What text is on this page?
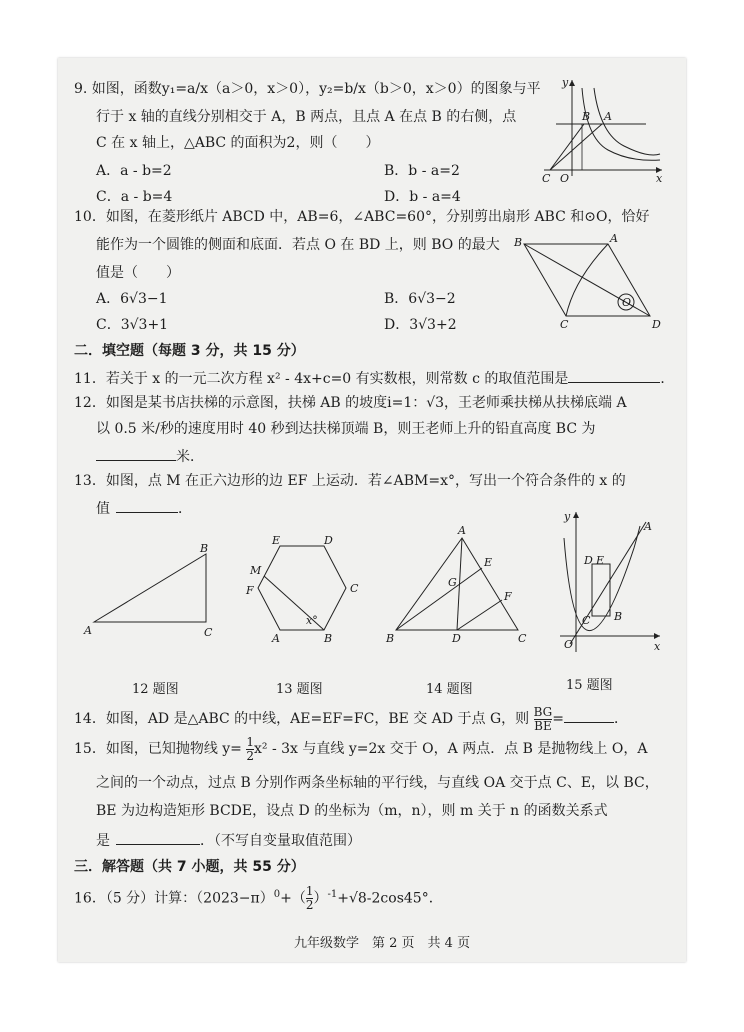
9. 如图，函数y₁=a/x（a＞0，x＞0），y₂=b/x（b＞0，x＞0）的图象与平
行于 x 轴的直线分别相交于 A，B 两点，且点 A 在点 B 的右侧，点
C 在 x 轴上，△ABC 的面积为2，则（　　）
A．a - b=2	B．b - a=2
C．a - b=4	D．b - a=4
y
x
B A
C O
10．如图，在菱形纸片 ABCD 中，AB=6，∠ABC=60°，分别剪出扇形 ABC 和⊙O，恰好
能作为一个圆锥的侧面和底面．若点 O 在 BD 上，则 BO 的最大
值是（　　）
A．6√3−1	B．6√3−2
C．3√3+1	D．3√3+2
B	A
C	D
O
二．填空题（每题 3 分，共 15 分）
11．若关于 x 的一元二次方程 x² - 4x+c=0 有实数根，则常数 c 的取值范围是	．
12．如图是某书店扶梯的示意图，扶梯 AB 的坡度i=1：√3，王老师乘扶梯从扶梯底端 A
以 0.5 米/秒的速度用时 40 秒到达扶梯顶端 B，则王老师上升的铅直高度 BC 为
米．
13．如图，点 M 在正六边形的边 EF 上运动．若∠ABM=x°，写出一个符合条件的 x 的
值	．
A
B
C
12 题图
E	D
M
F	C
x°
A	B
13 题图
A
E
G
F
B	D	C
14 题图
y
A
D E
C B
O	x
15 题图
14．如图，AD 是△ABC 的中线，AE=EF=FC，BE 交 AD 于点 G，则 $\frac{BG}{BE}$ =	．
15．如图，已知抛物线 $y= \frac{1}{2} x^2 - 3x$ 与直线 y=2x 交于 O，A 两点．点 B 是抛物线上 O，A
之间的一个动点，过点 B 分别作两条坐标轴的平行线，与直线 OA 交于点 C、E，以 BC，
BE 为边构造矩形 BCDE，设点 D 的坐标为（m，n），则 m 关于 n 的函数关系式
是	．（不写自变量取值范围）
三．解答题（共 7 小题，共 55 分）
16．（5 分）计算：$(2023-\pi)^0+( \frac{1}{2} )^{-1}+√8-2\cos 45^\circ$．
九年级数学　第 2 页　共 4 页
